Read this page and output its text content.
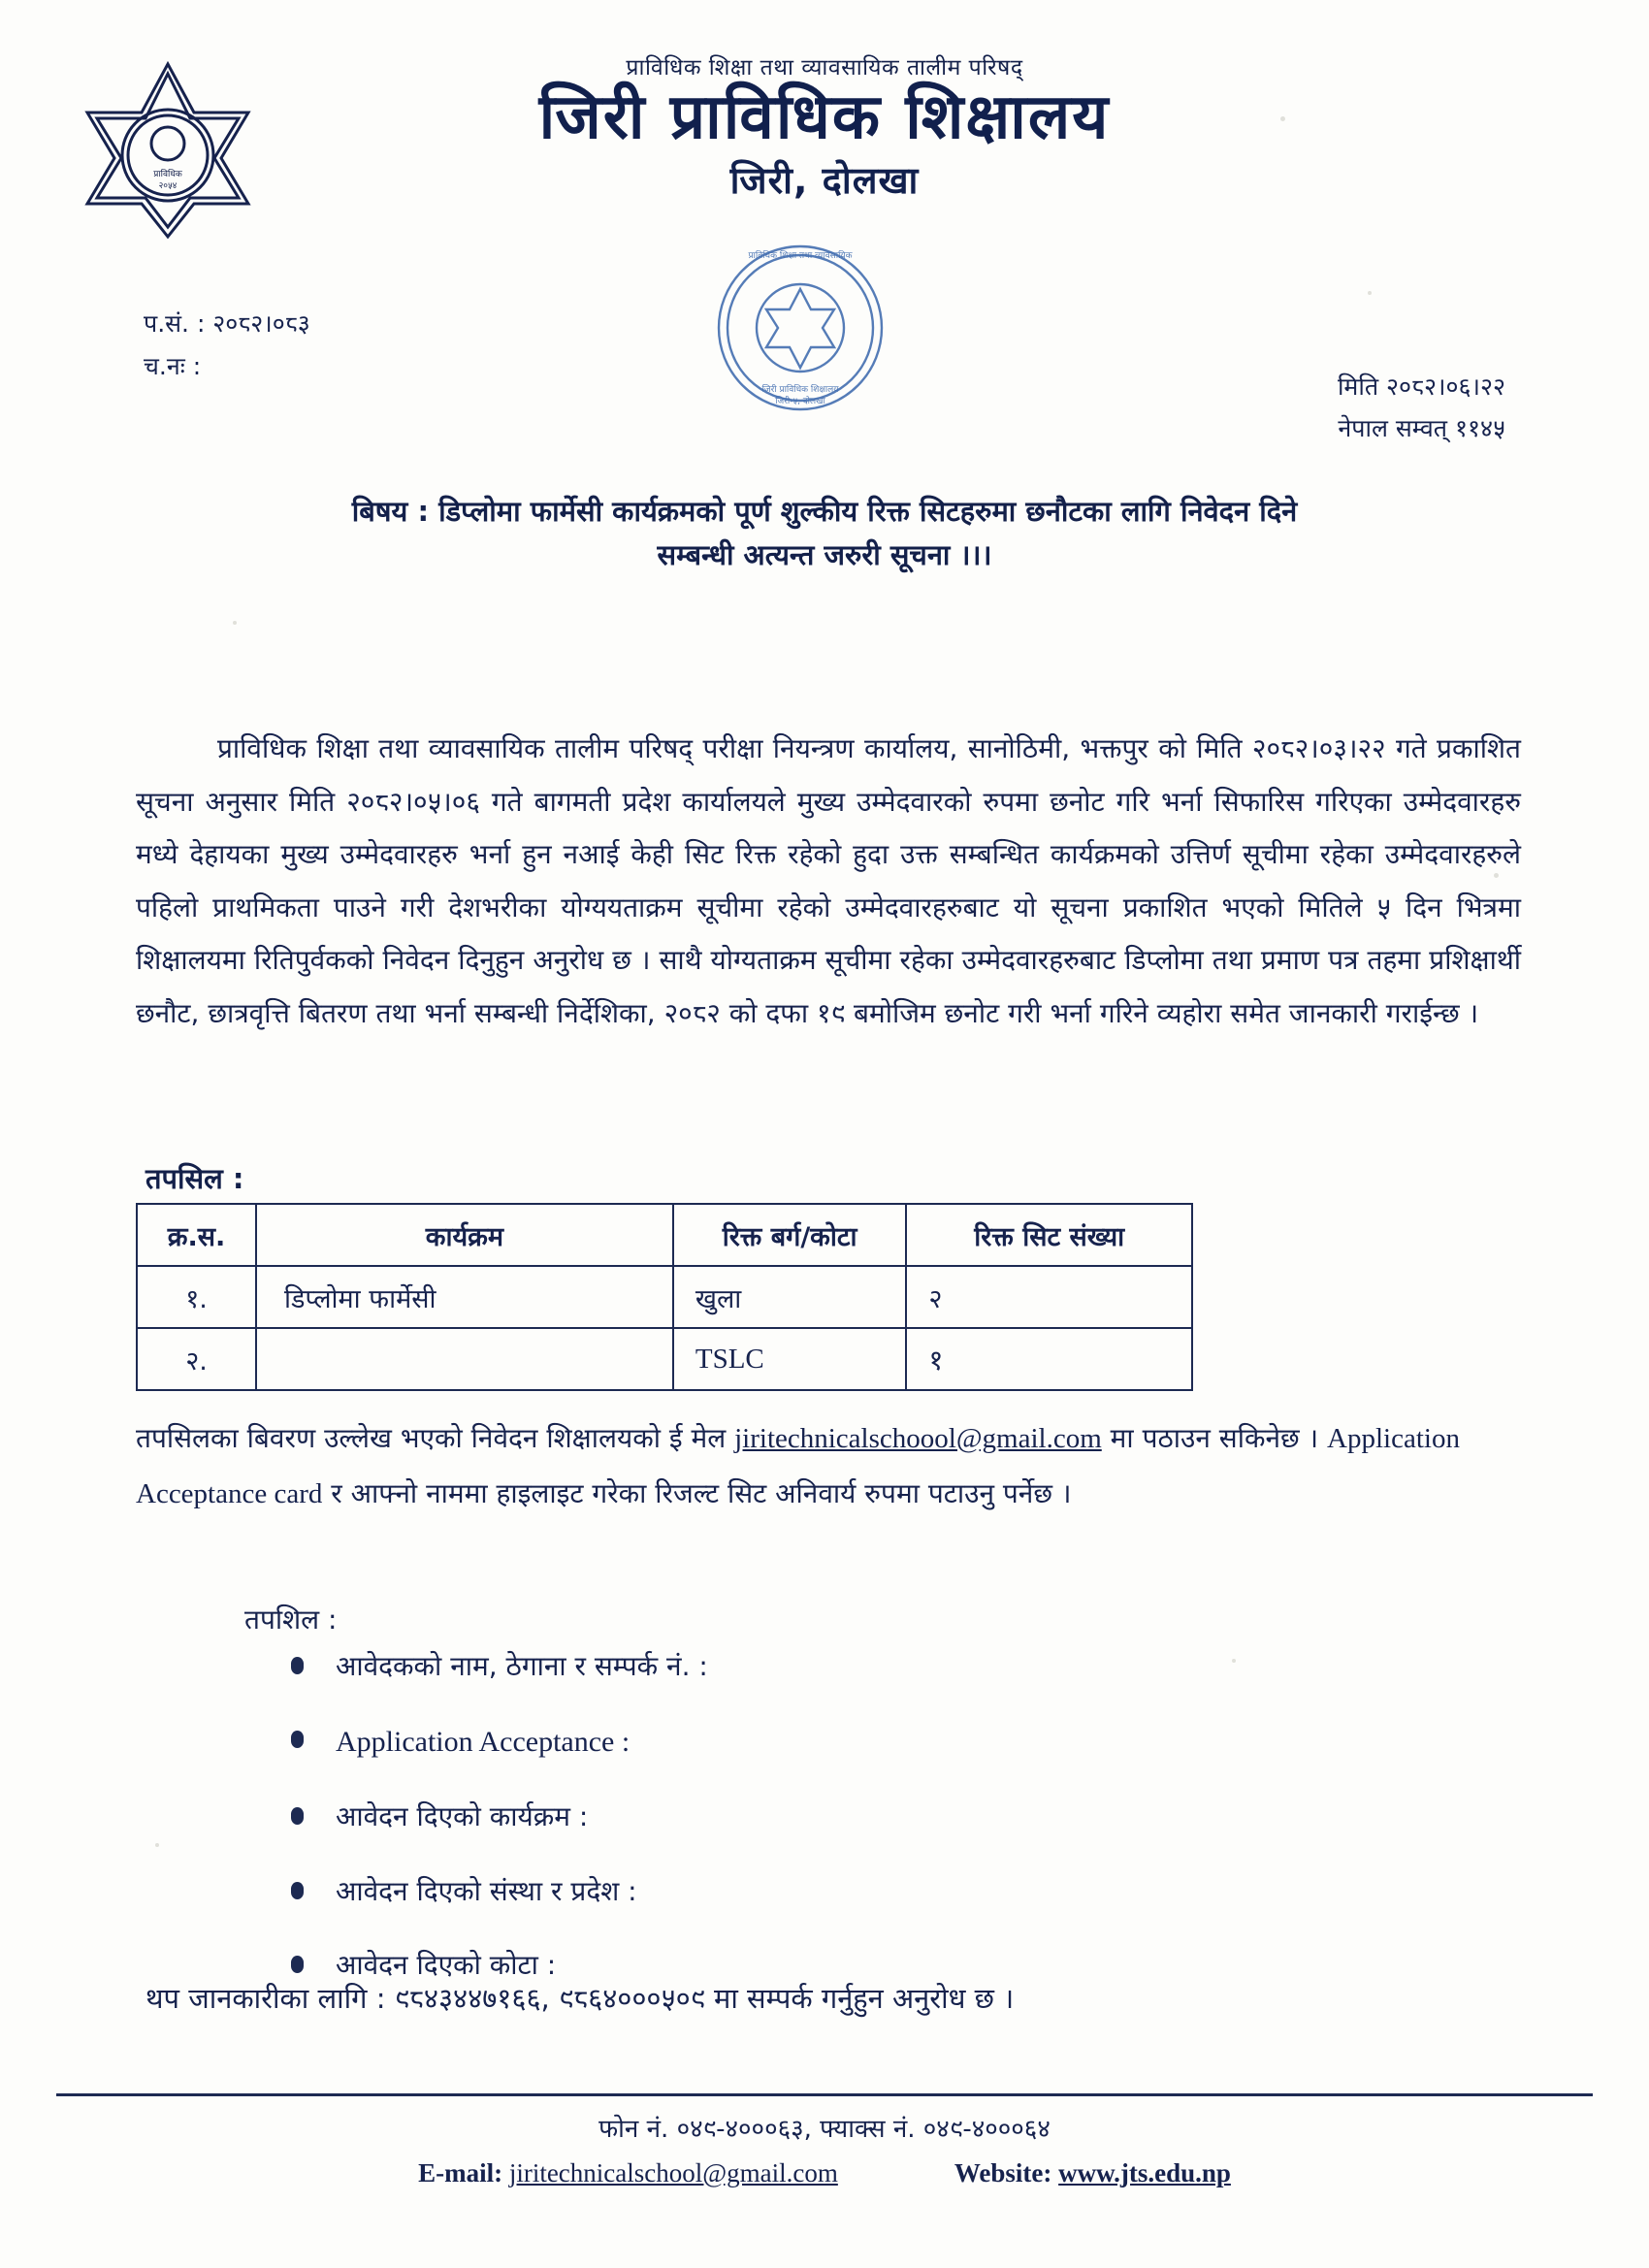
प्राविधिक
२०५४
प्राविधिक शिक्षा तथा व्यावसायिक
जिरी-५, दोलखा
जिरी प्राविधिक शिक्षालय
प्राविधिक शिक्षा तथा व्यावसायिक तालीम परिषद्
जिरी प्राविधिक शिक्षालय
जिरी, दोलखा
प.सं. : २०८२।०८३
च.नः :
मिति २०८२।०६।२२
नेपाल सम्वत् ११४५
बिषय : डिप्लोमा फार्मेसी कार्यक्रमको पूर्ण शुल्कीय रिक्त सिटहरुमा छनौटका लागि निवेदन दिने
सम्बन्धी अत्यन्त जरुरी सूचना ।।।

प्राविधिक शिक्षा तथा व्यावसायिक तालीम परिषद् परीक्षा नियन्त्रण कार्यालय, सानोठिमी, भक्तपुर को मिति २०८२।०३।२२ गते प्रकाशित सूचना अनुसार मिति २०८२।०५।०६ गते बागमती प्रदेश कार्यालयले मुख्य उम्मेदवारको रुपमा छनोट गरि भर्ना सिफारिस गरिएका उम्मेदवारहरु मध्ये देहायका मुख्य उम्मेदवारहरु भर्ना हुन नआई केही सिट रिक्त रहेको हुदा उक्त सम्बन्धित कार्यक्रमको उत्तिर्ण सूचीमा रहेका उम्मेदवारहरुले पहिलो प्राथमिकता पाउने गरी देशभरीका योग्ययताक्रम सूचीमा रहेको उम्मेदवारहरुबाट यो सूचना प्रकाशित भएको मितिले ५ दिन भित्रमा शिक्षालयमा रितिपुर्वकको निवेदन दिनुहुन अनुरोध छ । साथै योग्यताक्रम सूचीमा रहेका उम्मेदवारहरुबाट डिप्लोमा तथा प्रमाण पत्र तहमा प्रशिक्षार्थी छनौट, छात्रवृत्ति बितरण तथा भर्ना सम्बन्धी निर्देशिका, २०८२ को दफा १९ बमोजिम छनोट गरी भर्ना गरिने व्यहोरा समेत जानकारी गराईन्छ ।

तपसिल :
क्र.स.	कार्यक्रम	रिक्त बर्ग/कोटा	रिक्त सिट संख्या
१.	डिप्लोमा फार्मेसी	खुला	२
२.		TSLC	१
तपसिलका बिवरण उल्लेख भएको निवेदन शिक्षालयको ई मेल jiritechnicalschoool@gmail.com मा पठाउन सकिनेछ । Application Acceptance card र आफ्नो नाममा हाइलाइट गरेका रिजल्ट सिट अनिवार्य रुपमा पटाउनु पर्नेछ ।
तपशिल :
आवेदकको नाम, ठेगाना र सम्पर्क नं. :
Application Acceptance :
आवेदन दिएको कार्यक्रम :
आवेदन दिएको संस्था र प्रदेश :
आवेदन दिएको कोटा :
थप जानकारीका लागि : ९८४३४४७१६६, ९८६४०००५०९ मा सम्पर्क गर्नुहुन अनुरोध छ ।
फोन नं. ०४९-४०००६३, फ्याक्स नं. ०४९-४०००६४
E-mail: jiritechnicalschool@gmail.com	Website: www.jts.edu.np
